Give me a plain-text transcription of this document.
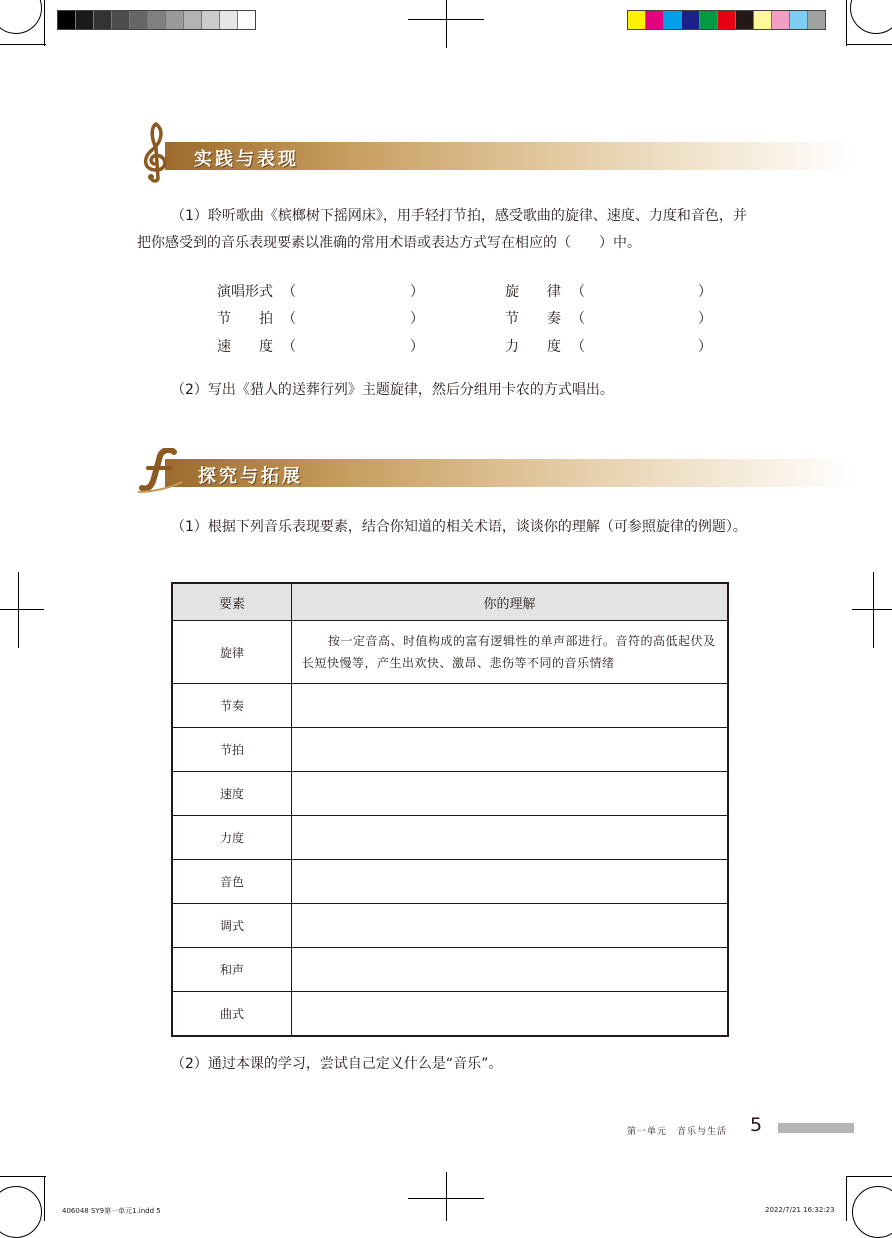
实践与表现
（1）聆听歌曲《槟榔树下摇网床》，用手轻打节拍，感受歌曲的旋律、速度、力度和音色，并把你感受到的音乐表现要素以准确的常用术语或表达方式写在相应的（　　）中。
演唱形式 （	）	旋　　律 （	）
节　　拍 （	）	节　　奏 （	）
速　　度 （	）	力　　度 （	）
（2）写出《猎人的送葬行列》主题旋律，然后分组用卡农的方式唱出。
探究与拓展
（1）根据下列音乐表现要素，结合你知道的相关术语，谈谈你的理解（可参照旋律的例题）。
要素	你的理解
旋律	按一定音高、时值构成的富有逻辑性的单声部进行。音符的高低起伏及长短快慢等，产生出欢快、激昂、悲伤等不同的音乐情绪

节奏	
节拍	
速度	
力度	
音色	
调式	
和声	
曲式	
（2）通过本课的学习，尝试自己定义什么是“音乐”。
第一单元　音乐与生活 5
406048 SY9第一单元1.indd 5	2022/7/21 16:32:23
